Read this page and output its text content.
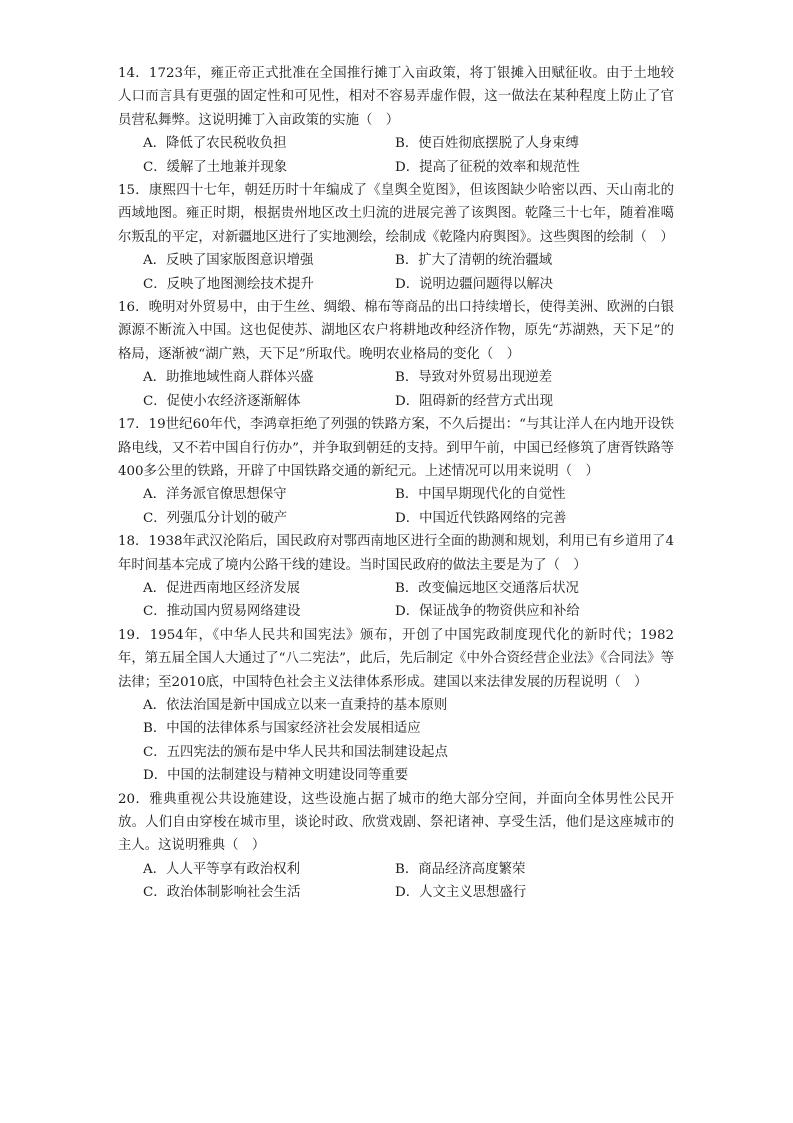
14．1723年，雍正帝正式批准在全国推行摊丁入亩政策，将丁银摊入田赋征收。由于土地较人口而言具有更强的固定性和可见性，相对不容易弄虚作假，这一做法在某种程度上防止了官员营私舞弊。这说明摊丁入亩政策的实施（　）

A．降低了农民税收负担	B．使百姓彻底摆脱了人身束缚
C．缓解了土地兼并现象	D．提高了征税的效率和规范性

15．康熙四十七年，朝廷历时十年编成了《皇舆全览图》，但该图缺少哈密以西、天山南北的西域地图。雍正时期，根据贵州地区改土归流的进展完善了该舆图。乾隆三十七年，随着准噶尔叛乱的平定，对新疆地区进行了实地测绘，绘制成《乾隆内府舆图》。这些舆图的绘制（　）

A．反映了国家版图意识增强	B．扩大了清朝的统治疆域
C．反映了地图测绘技术提升	D．说明边疆问题得以解决

16．晚明对外贸易中，由于生丝、绸缎、棉布等商品的出口持续增长，使得美洲、欧洲的白银源源不断流入中国。这也促使苏、湖地区农户将耕地改种经济作物，原先“苏湖熟，天下足”的格局，逐渐被“湖广熟，天下足”所取代。晚明农业格局的变化（　）

A．助推地域性商人群体兴盛	B．导致对外贸易出现逆差
C．促使小农经济逐渐解体	D．阻碍新的经营方式出现

17．19世纪60年代，李鸿章拒绝了列强的铁路方案，不久后提出：“与其让洋人在内地开设铁路电线，又不若中国自行仿办”，并争取到朝廷的支持。到甲午前，中国已经修筑了唐胥铁路等400多公里的铁路，开辟了中国铁路交通的新纪元。上述情况可以用来说明（　）

A．洋务派官僚思想保守	B．中国早期现代化的自觉性
C．列强瓜分计划的破产	D．中国近代铁路网络的完善

18．1938年武汉沦陷后，国民政府对鄂西南地区进行全面的勘测和规划，利用已有乡道用了4年时间基本完成了境内公路干线的建设。当时国民政府的做法主要是为了（　）

A．促进西南地区经济发展	B．改变偏远地区交通落后状况
C．推动国内贸易网络建设	D．保证战争的物资供应和补给

19．1954年，《中华人民共和国宪法》颁布，开创了中国宪政制度现代化的新时代；1982年，第五届全国人大通过了“八二宪法”，此后，先后制定《中外合资经营企业法》《合同法》等法律；至2010底，中国特色社会主义法律体系形成。建国以来法律发展的历程说明（　）

A．依法治国是新中国成立以来一直秉持的基本原则
B．中国的法律体系与国家经济社会发展相适应
C．五四宪法的颁布是中华人民共和国法制建设起点
D．中国的法制建设与精神文明建设同等重要

20．雅典重视公共设施建设，这些设施占据了城市的绝大部分空间，并面向全体男性公民开放。人们自由穿梭在城市里，谈论时政、欣赏戏剧、祭祀诸神、享受生活，他们是这座城市的主人。这说明雅典（　）

A．人人平等享有政治权利	B．商品经济高度繁荣
C．政治体制影响社会生活	D．人文主义思想盛行
